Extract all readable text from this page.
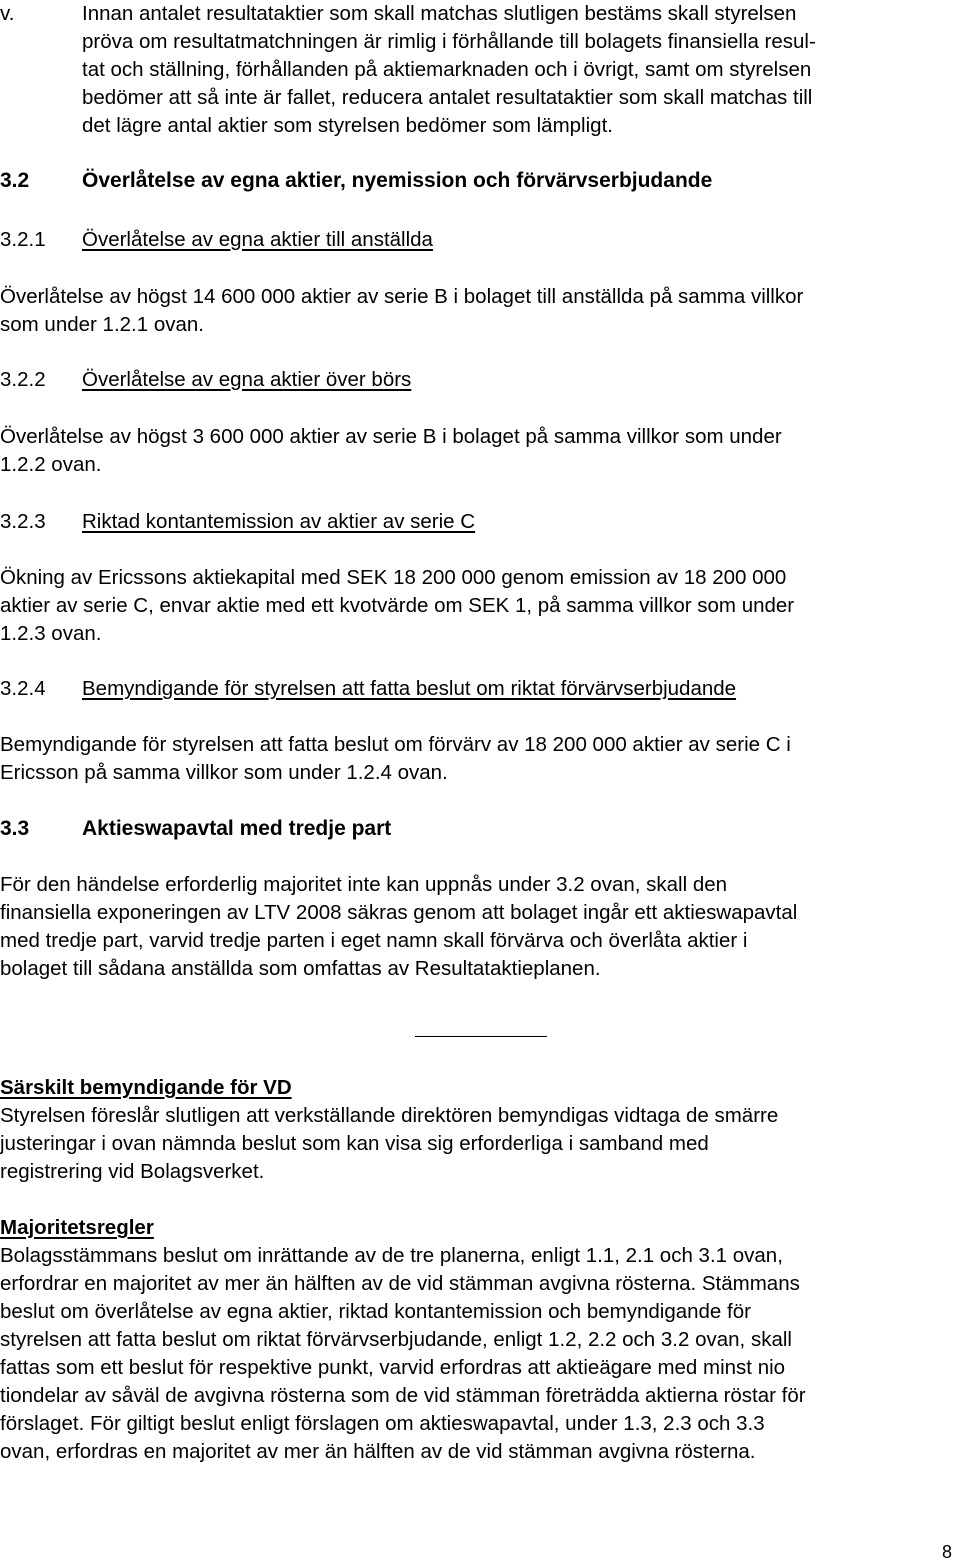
v.	Innan antalet resultataktier som skall matchas slutligen bestäms skall styrelsen
pröva om resultatmatchningen är rimlig i förhållande till bolagets finansiella resul-
tat och ställning, förhållanden på aktiemarknaden och i övrigt, samt om styrelsen
bedömer att så inte är fallet, reducera antalet resultataktier som skall matchas till
det lägre antal aktier som styrelsen bedömer som lämpligt.
3.2	Överlåtelse av egna aktier, nyemission och förvärvserbjudande
3.2.1 Överlåtelse av egna aktier till anställda
Överlåtelse av högst 14 600 000 aktier av serie B i bolaget till anställda på samma villkor
som under 1.2.1 ovan.
3.2.2 Överlåtelse av egna aktier över börs
Överlåtelse av högst 3 600 000 aktier av serie B i bolaget på samma villkor som under
1.2.2 ovan.
3.2.3 Riktad kontantemission av aktier av serie C
Ökning av Ericssons aktiekapital med SEK 18 200 000 genom emission av 18 200 000
aktier av serie C, envar aktie med ett kvotvärde om SEK 1, på samma villkor som under
1.2.3 ovan.
3.2.4 Bemyndigande för styrelsen att fatta beslut om riktat förvärvserbjudande
Bemyndigande för styrelsen att fatta beslut om förvärv av 18 200 000 aktier av serie C i
Ericsson på samma villkor som under 1.2.4 ovan.
3.3	Aktieswapavtal med tredje part
För den händelse erforderlig majoritet inte kan uppnås under 3.2 ovan, skall den
finansiella exponeringen av LTV 2008 säkras genom att bolaget ingår ett aktieswapavtal
med tredje part, varvid tredje parten i eget namn skall förvärva och överlåta aktier i
bolaget till sådana anställda som omfattas av Resultataktieplanen.
Särskilt bemyndigande för VD
Styrelsen föreslår slutligen att verkställande direktören bemyndigas vidtaga de smärre
justeringar i ovan nämnda beslut som kan visa sig erforderliga i samband med
registrering vid Bolagsverket.
Majoritetsregler
Bolagsstämmans beslut om inrättande av de tre planerna, enligt 1.1, 2.1 och 3.1 ovan,
erfordrar en majoritet av mer än hälften av de vid stämman avgivna rösterna. Stämmans
beslut om överlåtelse av egna aktier, riktad kontantemission och bemyndigande för
styrelsen att fatta beslut om riktat förvärvserbjudande, enligt 1.2, 2.2 och 3.2 ovan, skall
fattas som ett beslut för respektive punkt, varvid erfordras att aktieägare med minst nio
tiondelar av såväl de avgivna rösterna som de vid stämman företrädda aktierna röstar för
förslaget. För giltigt beslut enligt förslagen om aktieswapavtal, under 1.3, 2.3 och 3.3
ovan, erfordras en majoritet av mer än hälften av de vid stämman avgivna rösterna.
8
